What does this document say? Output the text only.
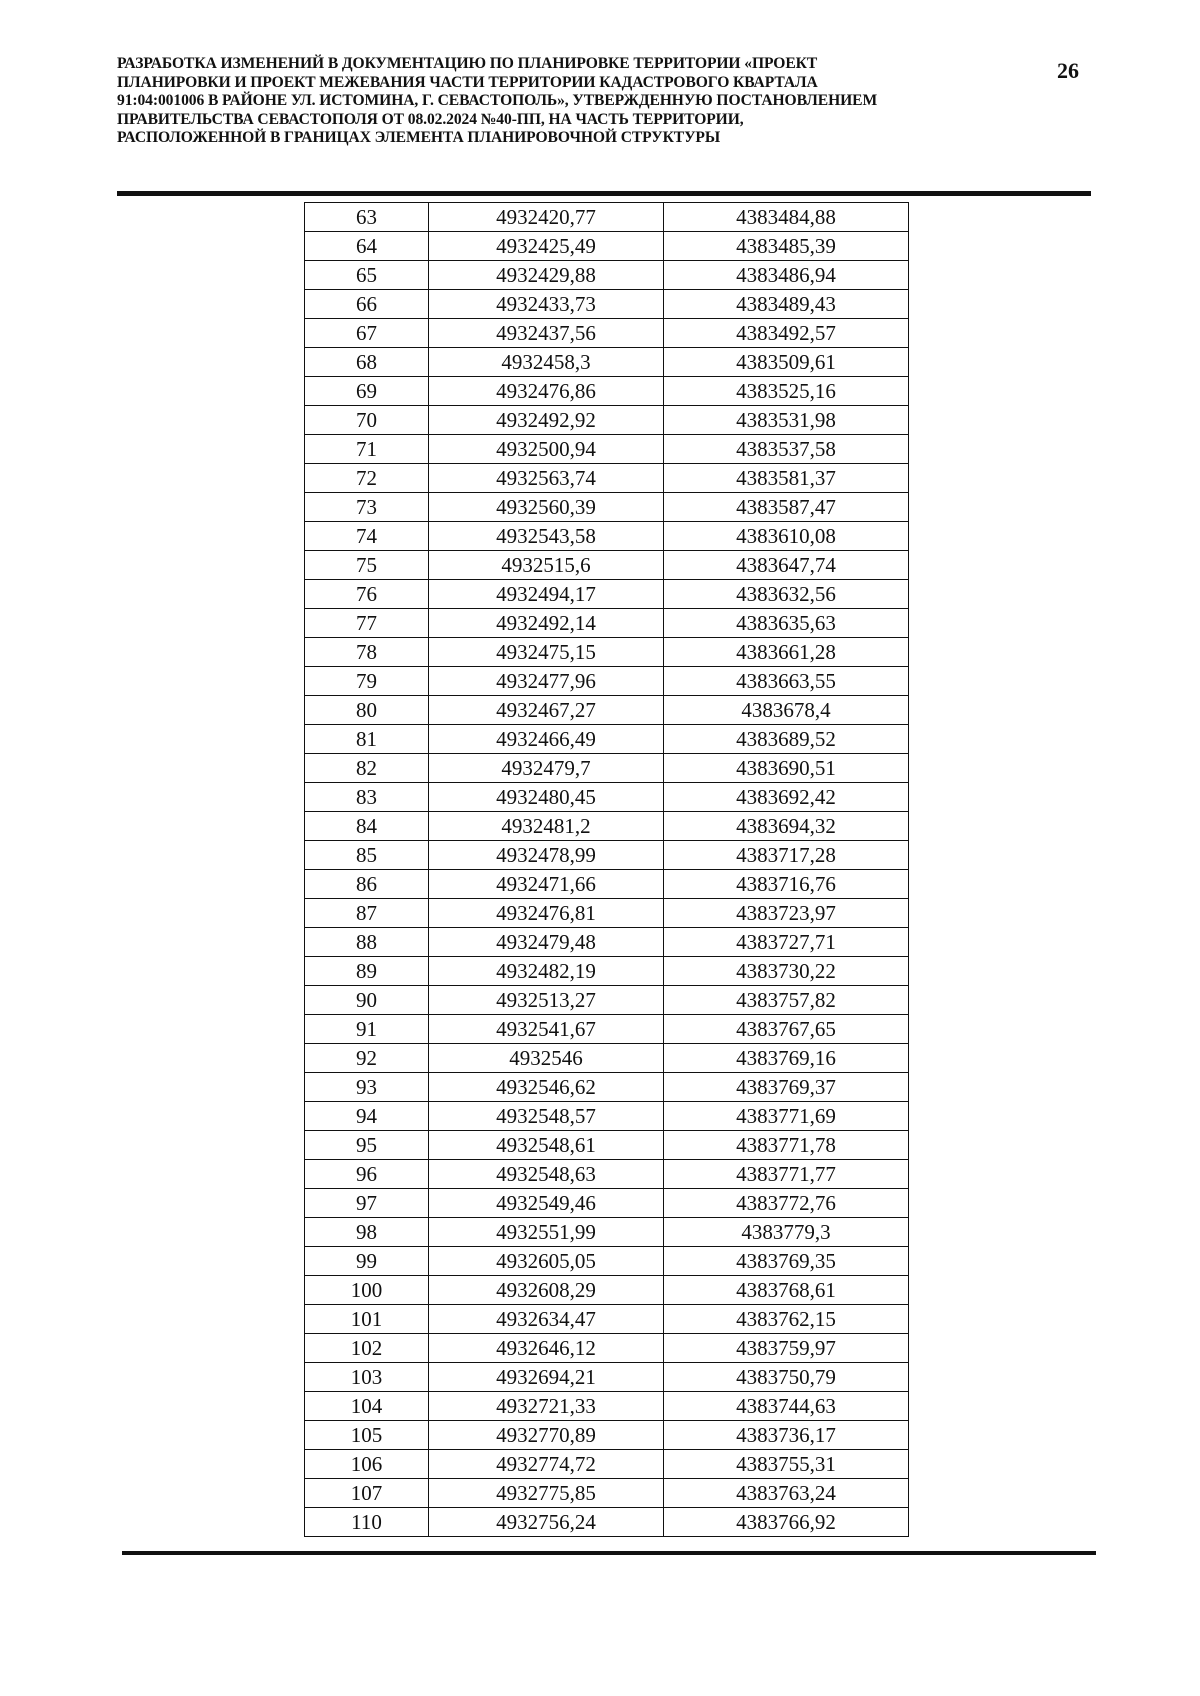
РАЗРАБОТКА ИЗМЕНЕНИЙ В ДОКУМЕНТАЦИЮ ПО ПЛАНИРОВКЕ ТЕРРИТОРИИ «ПРОЕКТ
ПЛАНИРОВКИ И ПРОЕКТ МЕЖЕВАНИЯ ЧАСТИ ТЕРРИТОРИИ КАДАСТРОВОГО КВАРТАЛА
91:04:001006 В РАЙОНЕ УЛ. ИСТОМИНА, Г. СЕВАСТОПОЛЬ», УТВЕРЖДЕННУЮ ПОСТАНОВЛЕНИЕМ
ПРАВИТЕЛЬСТВА СЕВАСТОПОЛЯ ОТ 08.02.2024 №40-ПП, НА ЧАСТЬ ТЕРРИТОРИИ,
РАСПОЛОЖЕННОЙ В ГРАНИЦАХ ЭЛЕМЕНТА ПЛАНИРОВОЧНОЙ СТРУКТУРЫ
26
63	4932420,77	4383484,88
64	4932425,49	4383485,39
65	4932429,88	4383486,94
66	4932433,73	4383489,43
67	4932437,56	4383492,57
68	4932458,3	4383509,61
69	4932476,86	4383525,16
70	4932492,92	4383531,98
71	4932500,94	4383537,58
72	4932563,74	4383581,37
73	4932560,39	4383587,47
74	4932543,58	4383610,08
75	4932515,6	4383647,74
76	4932494,17	4383632,56
77	4932492,14	4383635,63
78	4932475,15	4383661,28
79	4932477,96	4383663,55
80	4932467,27	4383678,4
81	4932466,49	4383689,52
82	4932479,7	4383690,51
83	4932480,45	4383692,42
84	4932481,2	4383694,32
85	4932478,99	4383717,28
86	4932471,66	4383716,76
87	4932476,81	4383723,97
88	4932479,48	4383727,71
89	4932482,19	4383730,22
90	4932513,27	4383757,82
91	4932541,67	4383767,65
92	4932546	4383769,16
93	4932546,62	4383769,37
94	4932548,57	4383771,69
95	4932548,61	4383771,78
96	4932548,63	4383771,77
97	4932549,46	4383772,76
98	4932551,99	4383779,3
99	4932605,05	4383769,35
100	4932608,29	4383768,61
101	4932634,47	4383762,15
102	4932646,12	4383759,97
103	4932694,21	4383750,79
104	4932721,33	4383744,63
105	4932770,89	4383736,17
106	4932774,72	4383755,31
107	4932775,85	4383763,24
110	4932756,24	4383766,92
